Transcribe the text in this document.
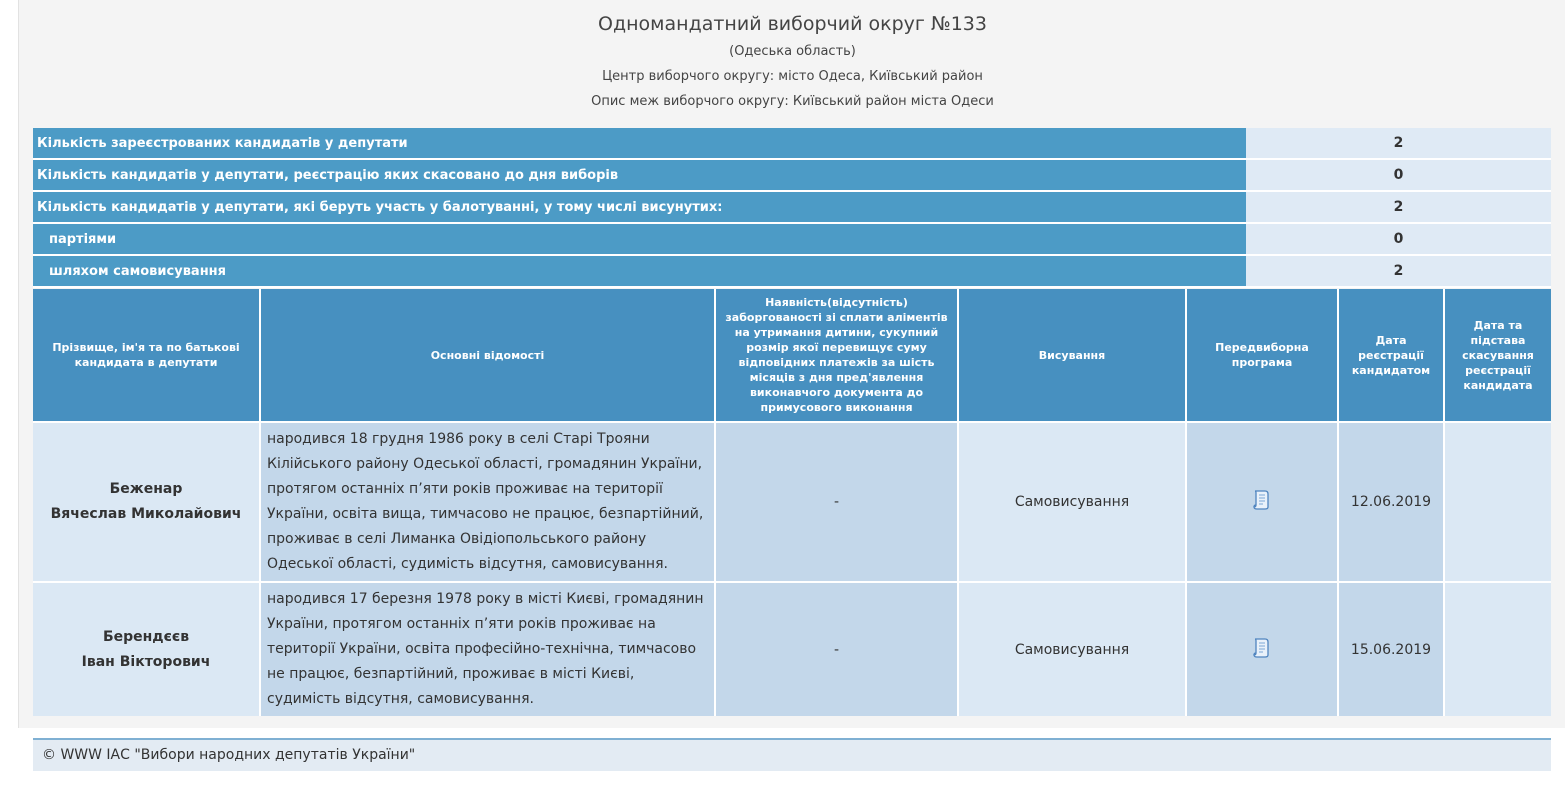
Одномандатний виборчий округ №133
(Одеська область)
Центр виборчого округу: місто Одеса, Київський район
Опис меж виборчого округу: Київський район міста Одеси
Кількість зареєстрованих кандидатів у депутати	2
Кількість кандидатів у депутати, реєстрацію яких скасовано до дня виборів	0
Кількість кандидатів у депутати, які беруть участь у балотуванні, у тому числі висунутих:	2
партіями	0
шляхом самовисування	2
Прізвище, ім'я та по батькові кандидата в депутати	Основні відомості	Наявність(відсутність) заборгованості зі сплати аліментів на утримання дитини, сукупний розмір якої перевищує суму відповідних платежів за шість місяців з дня пред'явлення виконавчого документа до примусового виконання	Висування	Передвиборна програма	Дата реєстрації кандидатом	Дата та підстава скасування реєстрації кандидата

Беженар
Вячеслав Миколайович	народився 18 грудня 1986 року в селі Старі Трояни Кілійського району Одеської області, громадянин України, протягом останніх п’яти років проживає на території України, освіта вища, тимчасово не працює, безпартійний, проживає в селі Лиманка Овідіопольського району Одеської області, судимість відсутня, самовисування.	-	Самовисування		12.06.2019	

Берендєєв
Іван Вікторович	народився 17 березня 1978 року в місті Києві, громадянин України, протягом останніх п’яти років проживає на території України, освіта професійно-технічна, тимчасово не працює, безпартійний, проживає в місті Києві, судимість відсутня, самовисування.	-	Самовисування		15.06.2019	
© WWW ІАС "Вибори народних депутатів України"
